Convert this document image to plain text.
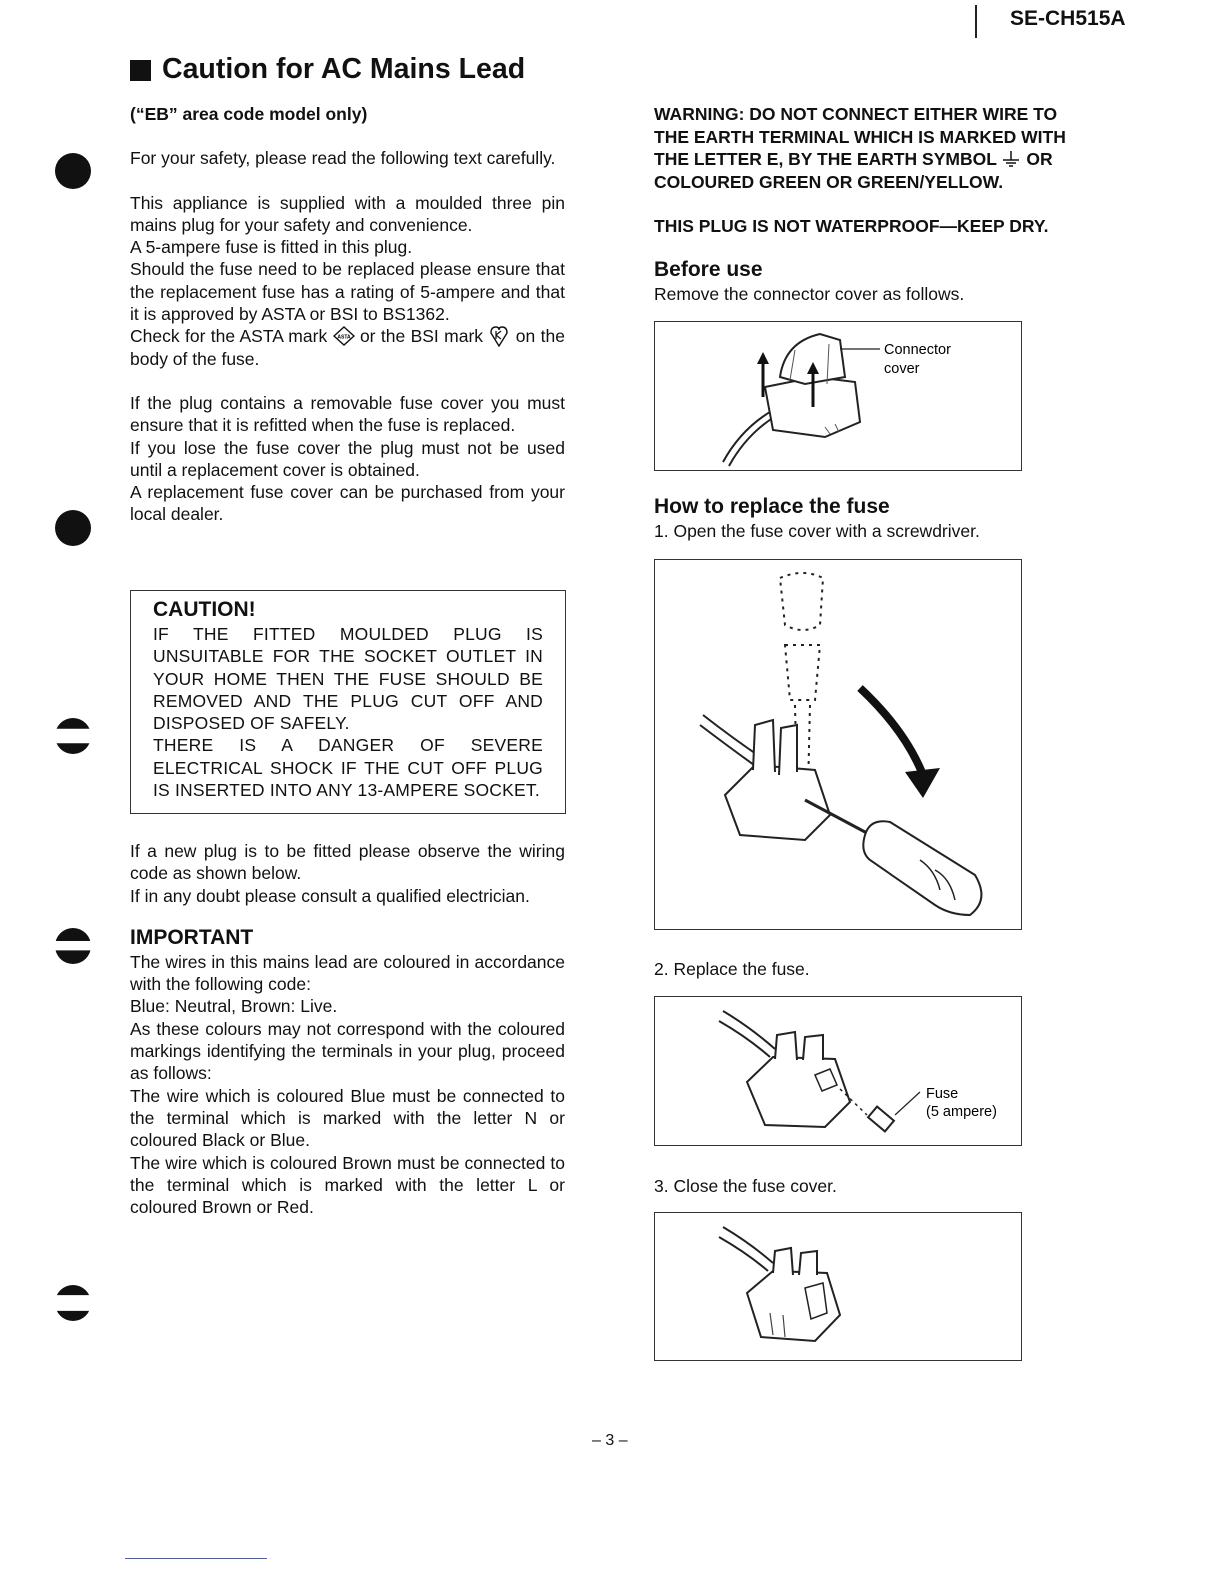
SE-CH515A
Caution for AC Mains Lead

(“EB” area code model only)

For your safety, please read the following text carefully.

This appliance is supplied with a moulded three pin mains plug for your safety and convenience.

A 5-ampere fuse is fitted in this plug.

Should the fuse need to be replaced please ensure that the replacement fuse has a rating of 5-ampere and that it is approved by ASTA or BSI to BS1362.

Check for the ASTA mark ASTA or the BSI mark on the body of the fuse.

If the plug contains a removable fuse cover you must ensure that it is refitted when the fuse is replaced.

If you lose the fuse cover the plug must not be used until a replacement cover is obtained.

A replacement fuse cover can be purchased from your local dealer.

CAUTION!

IF THE FITTED MOULDED PLUG IS UNSUITABLE FOR THE SOCKET OUTLET IN YOUR HOME THEN THE FUSE SHOULD BE REMOVED AND THE PLUG CUT OFF AND DISPOSED OF SAFELY.

THERE IS A DANGER OF SEVERE ELECTRICAL SHOCK IF THE CUT OFF PLUG IS INSERTED INTO ANY 13-AMPERE SOCKET.

If a new plug is to be fitted please observe the wiring code as shown below.

If in any doubt please consult a qualified electrician.

IMPORTANT

The wires in this mains lead are coloured in accordance with the following code:

Blue: Neutral, Brown: Live.

As these colours may not correspond with the coloured markings identifying the terminals in your plug, proceed as follows:

The wire which is coloured Blue must be connected to the terminal which is marked with the letter N or coloured Black or Blue.

The wire which is coloured Brown must be connected to the terminal which is marked with the letter L or coloured Brown or Red.

WARNING: DO NOT CONNECT EITHER WIRE TO THE EARTH TERMINAL WHICH IS MARKED WITH THE LETTER E, BY THE EARTH SYMBOL OR COLOURED GREEN OR GREEN/YELLOW.

THIS PLUG IS NOT WATERPROOF—KEEP DRY.

Before use

Remove the connector cover as follows.

Connector
cover

How to replace the fuse

1. Open the fuse cover with a screwdriver.

2. Replace the fuse.

Fuse
(5 ampere)

3. Close the fuse cover.

– 3 –
